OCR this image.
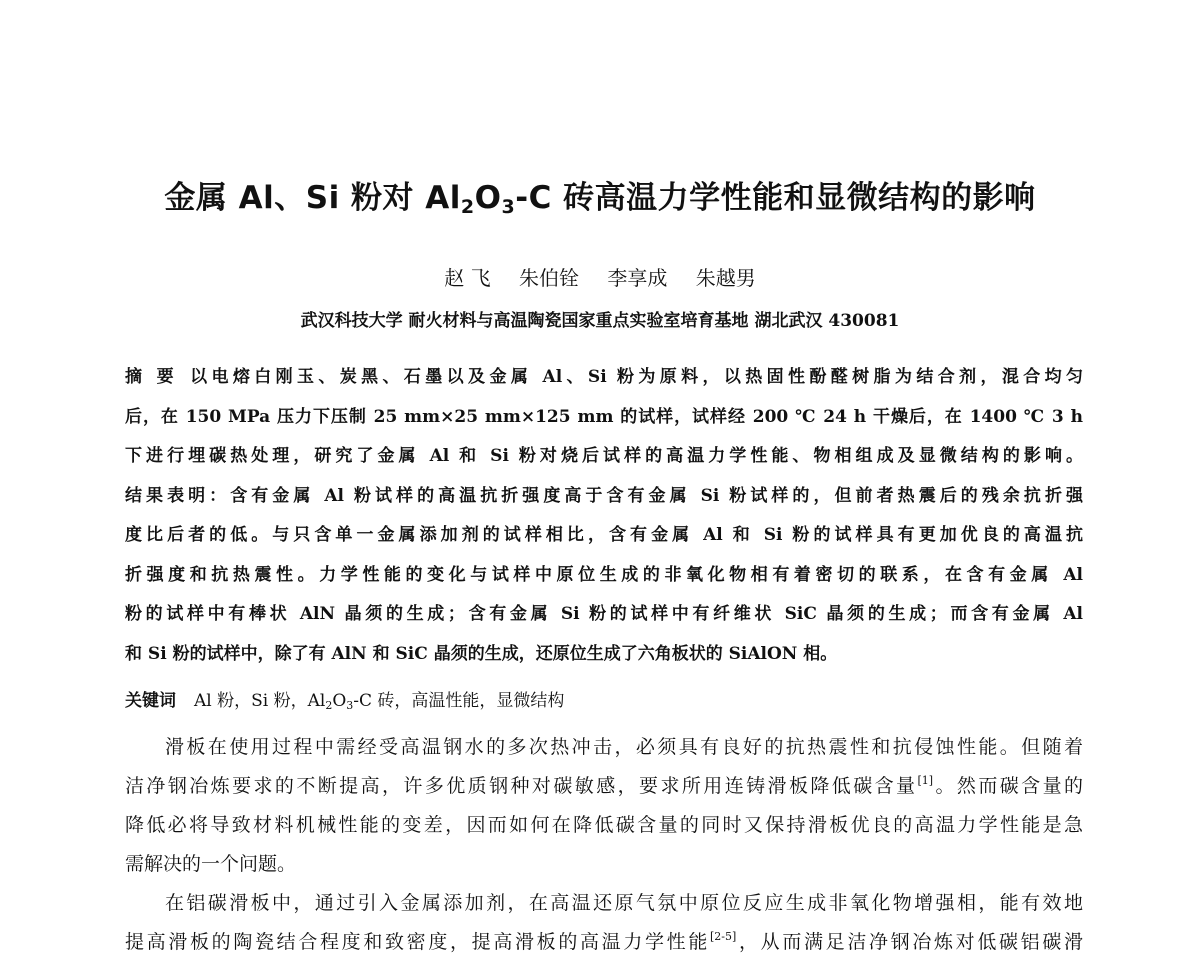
金属 Al、Si 粉对 $Al_2O_3-C$ 砖高温力学性能和显微结构的影响
赵 飞 朱伯铨 李享成 朱越男
武汉科技大学 耐火材料与高温陶瓷国家重点实验室培育基地 湖北武汉 430081
摘 要 以电熔白刚玉、炭黑、石墨以及金属 Al、Si 粉为原料，以热固性酚醛树脂为结合剂，混合均匀
后，在 150 MPa 压力下压制 25 mm×25 mm×125 mm 的试样，试样经 200 ℃ 24 h 干燥后，在 1400 ℃ 3 h
下进行埋碳热处理，研究了金属 Al 和 Si 粉对烧后试样的高温力学性能、物相组成及显微结构的影响。
结果表明：含有金属 Al 粉试样的高温抗折强度高于含有金属 Si 粉试样的，但前者热震后的残余抗折强
度比后者的低。与只含单一金属添加剂的试样相比，含有金属 Al 和 Si 粉的试样具有更加优良的高温抗
折强度和抗热震性。力学性能的变化与试样中原位生成的非氧化物相有着密切的联系，在含有金属 Al
粉的试样中有棒状 AlN 晶须的生成；含有金属 Si 粉的试样中有纤维状 SiC 晶须的生成；而含有金属 Al
和 Si 粉的试样中，除了有 AlN 和 SiC 晶须的生成，还原位生成了六角板状的 SiAlON 相。
关键词 Al 粉，Si 粉，$Al_2O_3-C$ 砖，高温性能，显微结构
滑板在使用过程中需经受高温钢水的多次热冲击，必须具有良好的抗热震性和抗侵蚀性能。但随着
洁净钢冶炼要求的不断提高，许多优质钢种对碳敏感，要求所用连铸滑板降低碳含量[1]。然而碳含量的
降低必将导致材料机械性能的变差，因而如何在降低碳含量的同时又保持滑板优良的高温力学性能是急
需解决的一个问题。
在铝碳滑板中，通过引入金属添加剂，在高温还原气氛中原位反应生成非氧化物增强相，能有效地
提高滑板的陶瓷结合程度和致密度，提高滑板的高温力学性能[2-5]，从而满足洁净钢冶炼对低碳铝碳滑
